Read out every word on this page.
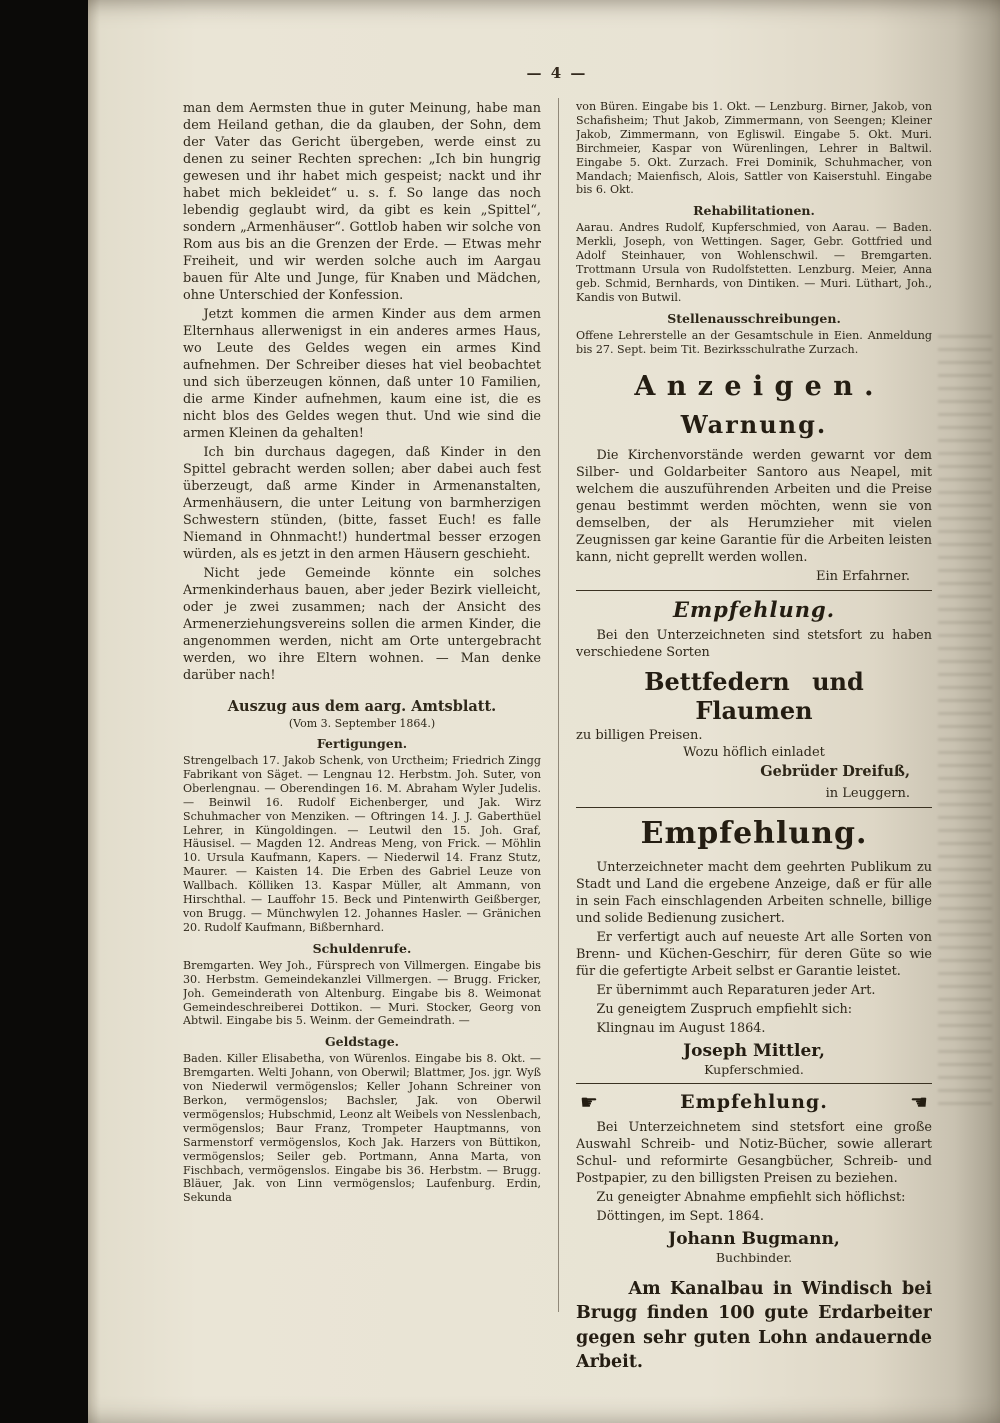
— 4 —

man dem Aermsten thue in guter Meinung, habe man dem Heiland gethan, die da glauben, der Sohn, dem der Vater das Gericht übergeben, werde einst zu denen zu seiner Rechten sprechen: „Ich bin hungrig gewesen und ihr habet mich gespeist; nackt und ihr habet mich bekleidet“ u. s. f. So lange das noch lebendig geglaubt wird, da gibt es kein „Spittel“, sondern „Armenhäuser“. Gottlob haben wir solche von Rom aus bis an die Grenzen der Erde. — Etwas mehr Freiheit, und wir werden solche auch im Aargau bauen für Alte und Junge, für Knaben und Mädchen, ohne Unterschied der Konfession.

Jetzt kommen die armen Kinder aus dem armen Elternhaus allerwenigst in ein anderes armes Haus, wo Leute des Geldes wegen ein armes Kind aufnehmen. Der Schreiber dieses hat viel beobachtet und sich überzeugen können, daß unter 10 Familien, die arme Kinder aufnehmen, kaum eine ist, die es nicht blos des Geldes wegen thut. Und wie sind die armen Kleinen da gehalten!

Ich bin durchaus dagegen, daß Kinder in den Spittel gebracht werden sollen; aber dabei auch fest überzeugt, daß arme Kinder in Armenanstalten, Armenhäusern, die unter Leitung von barmherzigen Schwestern stünden, (bitte, fasset Euch! es falle Niemand in Ohnmacht!) hundertmal besser erzogen würden, als es jetzt in den armen Häusern geschieht.

Nicht jede Gemeinde könnte ein solches Armenkinderhaus bauen, aber jeder Bezirk vielleicht, oder je zwei zusammen; nach der Ansicht des Armenerziehungsvereins sollen die armen Kinder, die angenommen werden, nicht am Orte untergebracht werden, wo ihre Eltern wohnen. — Man denke darüber nach!

Auszug aus dem aarg. Amtsblatt.
(Vom 3. September 1864.)
Fertigungen.

Strengelbach 17. Jakob Schenk, von Urctheim; Friedrich Zingg Fabrikant von Säget. — Lengnau 12. Herbstm. Joh. Suter, von Oberlengnau. — Oberendingen 16. M. Abraham Wyler Judelis. — Beinwil 16. Rudolf Eichenberger, und Jak. Wirz Schuhmacher von Menziken. — Oftringen 14. J. J. Gaberthüel Lehrer, in Küngoldingen. — Leutwil den 15. Joh. Graf, Häusisel. — Magden 12. Andreas Meng, von Frick. — Möhlin 10. Ursula Kaufmann, Kapers. — Niederwil 14. Franz Stutz, Maurer. — Kaisten 14. Die Erben des Gabriel Leuze von Wallbach. Kölliken 13. Kaspar Müller, alt Ammann, von Hirschthal. — Lauffohr 15. Beck und Pintenwirth Geißberger, von Brugg. — Münchwylen 12. Johannes Hasler. — Gränichen 20. Rudolf Kaufmann, Bißbernhard.

Schuldenrufe.

Bremgarten. Wey Joh., Fürsprech von Villmergen. Eingabe bis 30. Herbstm. Gemeindekanzlei Villmergen. — Brugg. Fricker, Joh. Gemeinderath von Altenburg. Eingabe bis 8. Weimonat Gemeindeschreiberei Dottikon. — Muri. Stocker, Georg von Abtwil. Eingabe bis 5. Weinm. der Gemeindrath. —

Geldstage.

Baden. Killer Elisabetha, von Würenlos. Eingabe bis 8. Okt. — Bremgarten. Welti Johann, von Oberwil; Blattmer, Jos. jgr. Wyß von Niederwil vermögenslos; Keller Johann Schreiner von Berkon, vermögenslos; Bachsler, Jak. von Oberwil vermögenslos; Hubschmid, Leonz alt Weibels von Nesslenbach, vermögenslos; Baur Franz, Trompeter Hauptmanns, von Sarmenstorf vermögenslos, Koch Jak. Harzers von Büttikon, vermögenslos; Seiler geb. Portmann, Anna Marta, von Fischbach, vermögenslos. Eingabe bis 36. Herbstm. — Brugg. Bläuer, Jak. von Linn vermögenslos; Laufenburg. Erdin, Sekunda

von Büren. Eingabe bis 1. Okt. — Lenzburg. Birner, Jakob, von Schafisheim; Thut Jakob, Zimmermann, von Seengen; Kleiner Jakob, Zimmermann, von Egliswil. Eingabe 5. Okt. Muri. Birchmeier, Kaspar von Würenlingen, Lehrer in Baltwil. Eingabe 5. Okt. Zurzach. Frei Dominik, Schuhmacher, von Mandach; Maienfisch, Alois, Sattler von Kaiserstuhl. Eingabe bis 6. Okt.

Rehabilitationen.

Aarau. Andres Rudolf, Kupferschmied, von Aarau. — Baden. Merkli, Joseph, von Wettingen. Sager, Gebr. Gottfried und Adolf Steinhauer, von Wohlenschwil. — Bremgarten. Trottmann Ursula von Rudolfstetten. Lenzburg. Meier, Anna geb. Schmid, Bernhards, von Dintiken. — Muri. Lüthart, Joh., Kandis von Butwil.

Stellenausschreibungen.

Offene Lehrerstelle an der Gesamtschule in Eien. Anmeldung bis 27. Sept. beim Tit. Bezirksschulrathe Zurzach.

Anzeigen.
Warnung.

Die Kirchenvorstände werden gewarnt vor dem Silber- und Goldarbeiter Santoro aus Neapel, mit welchem die auszuführenden Arbeiten und die Preise genau bestimmt werden möchten, wenn sie von demselben, der als Herumzieher mit vielen Zeugnissen gar keine Garantie für die Arbeiten leisten kann, nicht geprellt werden wollen.

Ein Erfahrner.
Empfehlung.

Bei den Unterzeichneten sind stetsfort zu haben verschiedene Sorten

Bettfedern und Flaumen
zu billigen Preisen.
Wozu höflich einladet
Gebrüder Dreifuß,
in Leuggern.
Empfehlung.

Unterzeichneter macht dem geehrten Publikum zu Stadt und Land die ergebene Anzeige, daß er für alle in sein Fach einschlagenden Arbeiten schnelle, billige und solide Bedienung zusichert.

Er verfertigt auch auf neueste Art alle Sorten von Brenn- und Küchen-Geschirr, für deren Güte so wie für die gefertigte Arbeit selbst er Garantie leistet.

Er übernimmt auch Reparaturen jeder Art.

Zu geneigtem Zuspruch empfiehlt sich:

Klingnau im August 1864.
Joseph Mittler,
Kupferschmied.
☛	Empfehlung.	☚

Bei Unterzeichnetem sind stetsfort eine große Auswahl Schreib- und Notiz-Bücher, sowie allerart Schul- und reformirte Gesangbücher, Schreib- und Postpapier, zu den billigsten Preisen zu beziehen.

Zu geneigter Abnahme empfiehlt sich höflichst:

Döttingen, im Sept. 1864.
Johann Bugmann,
Buchbinder.

Am Kanalbau in Windisch bei Brugg finden 100 gute Erdarbeiter gegen sehr guten Lohn andauernde Arbeit.
